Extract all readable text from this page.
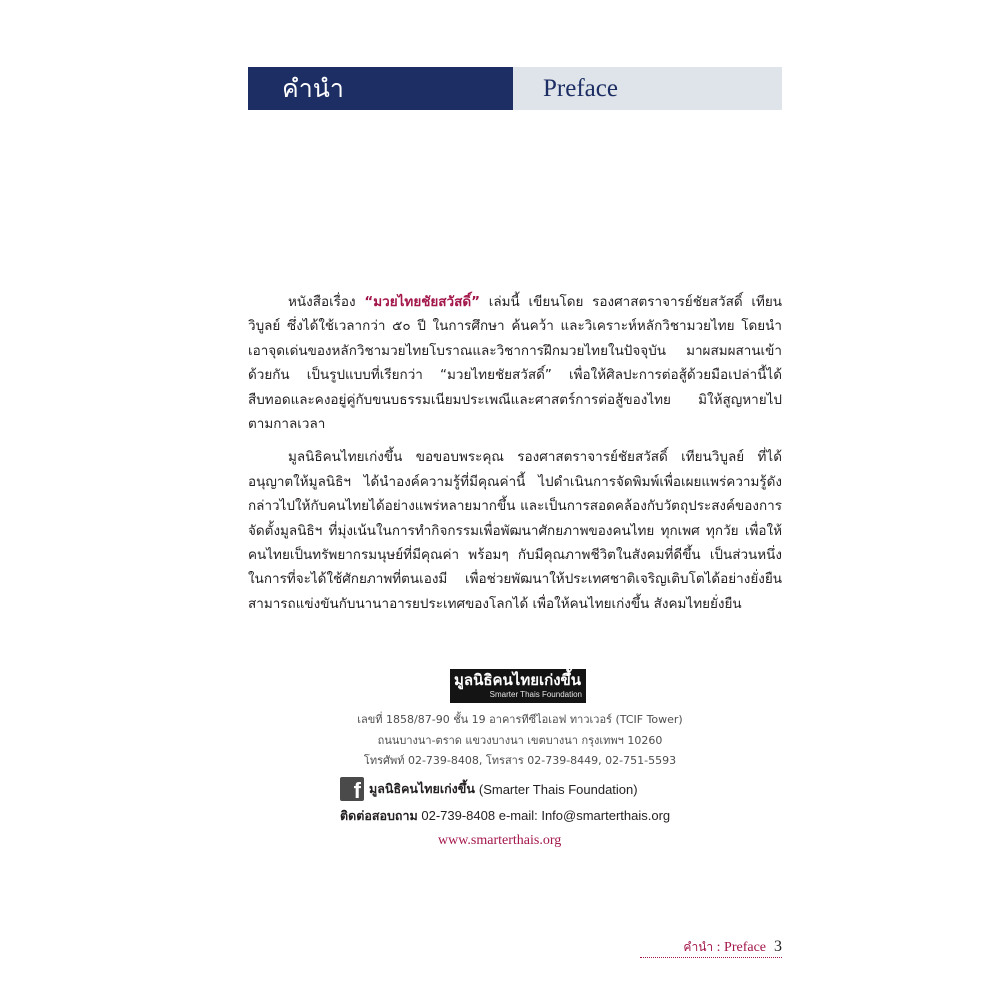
คำนำ	Preface

หนังสือเรื่อง “มวยไทยชัยสวัสดิ์” เล่มนี้ เขียนโดย รองศาสตราจารย์ชัยสวัสดิ์ เทียนวิบูลย์ ซึ่งได้ใช้เวลากว่า ๕๐ ปี ในการศึกษา ค้นคว้า และวิเคราะห์หลักวิชามวยไทย โดยนำเอาจุดเด่นของหลักวิชามวยไทยโบราณและวิชาการฝึกมวยไทยในปัจจุบัน มาผสมผสานเข้าด้วยกัน เป็นรูปแบบที่เรียกว่า “มวยไทยชัยสวัสดิ์” เพื่อให้ศิลปะการต่อสู้ด้วยมือเปล่านี้ได้สืบทอดและคงอยู่คู่กับขนบธรรมเนียมประเพณีและศาสตร์การต่อสู้ของไทย มิให้สูญหายไปตามกาลเวลา

มูลนิธิคนไทยเก่งขึ้น ขอขอบพระคุณ รองศาสตราจารย์ชัยสวัสดิ์ เทียนวิบูลย์ ที่ได้อนุญาตให้มูลนิธิฯ ได้นำองค์ความรู้ที่มีคุณค่านี้ ไปดำเนินการจัดพิมพ์เพื่อเผยแพร่ความรู้ดังกล่าวไปให้กับคนไทยได้อย่างแพร่หลายมากขึ้น และเป็นการสอดคล้องกับวัตถุประสงค์ของการจัดตั้งมูลนิธิฯ ที่มุ่งเน้นในการทำกิจกรรมเพื่อพัฒนาศักยภาพของคนไทย ทุกเพศ ทุกวัย เพื่อให้คนไทยเป็นทรัพยากรมนุษย์ที่มีคุณค่า พร้อมๆ กับมีคุณภาพชีวิตในสังคมที่ดีขึ้น เป็นส่วนหนึ่งในการที่จะได้ใช้ศักยภาพที่ตนเองมี เพื่อช่วยพัฒนาให้ประเทศชาติเจริญเติบโตได้อย่างยั่งยืน สามารถแข่งขันกับนานาอารยประเทศของโลกได้ เพื่อให้คนไทยเก่งขึ้น สังคมไทยยั่งยืน

มูลนิธิคนไทยเก่งขึ้น
Smarter Thais Foundation
เลขที่ 1858/87-90 ชั้น 19 อาคารทีซีไอเอฟ ทาวเวอร์ (TCIF Tower)
ถนนบางนา-ตราด แขวงบางนา เขตบางนา กรุงเทพฯ 10260
โทรศัพท์ 02-739-8408, โทรสาร 02-739-8449, 02-751-5593
f มูลนิธิคนไทยเก่งขึ้น (Smarter Thais Foundation)
ติดต่อสอบถาม 02-739-8408 e-mail: Info@smarterthais.org
www.smarterthais.org
คำนำ : Preface 3
